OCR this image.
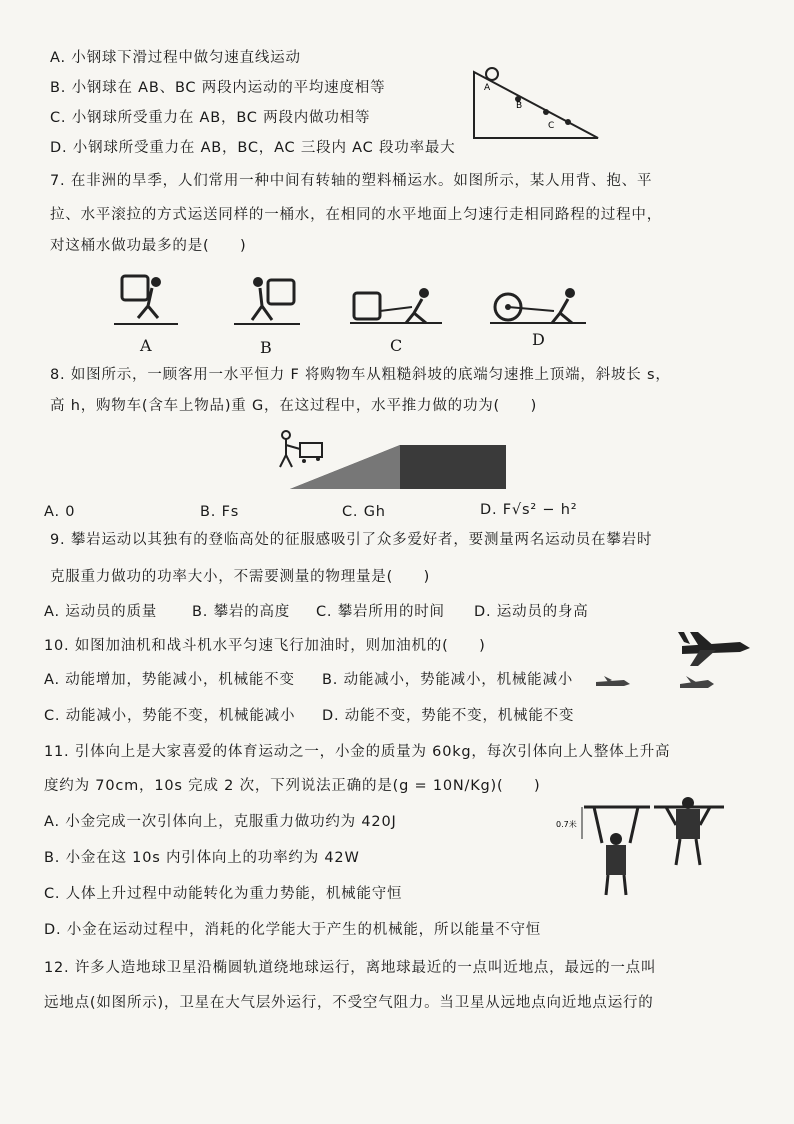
A. 小钢球下滑过程中做匀速直线运动
B. 小钢球在 AB、BC 两段内运动的平均速度相等
C. 小钢球所受重力在 AB，BC 两段内做功相等
D. 小钢球所受重力在 AB，BC，AC 三段内 AC 段功率最大
A
B
C
7. 在非洲的旱季，人们常用一种中间有转轴的塑料桶运水。如图所示，某人用背、抱、平
拉、水平滚拉的方式运送同样的一桶水，在相同的水平地面上匀速行走相同路程的过程中，
对这桶水做功最多的是(　　)
A	B	C	D
8. 如图所示，一顾客用一水平恒力 F 将购物车从粗糙斜坡的底端匀速推上顶端，斜坡长 s，
高 h，购物车(含车上物品)重 G，在这过程中，水平推力做的功为(　　)
A. 0	B. Fs	C. Gh	D. F√s² − h²
9. 攀岩运动以其独有的登临高处的征服感吸引了众多爱好者，要测量两名运动员在攀岩时
克服重力做功的功率大小，不需要测量的物理量是(　　)
A. 运动员的质量 B. 攀岩的高度 C. 攀岩所用的时间 D. 运动员的身高
10. 如图加油机和战斗机水平匀速飞行加油时，则加油机的(　　)
A. 动能增加，势能减小，机械能不变 B. 动能减小，势能减小，机械能减小
C. 动能减小，势能不变，机械能减小 D. 动能不变，势能不变，机械能不变
11. 引体向上是大家喜爱的体育运动之一，小金的质量为 60kg，每次引体向上人整体上升高
度约为 70cm，10s 完成 2 次，下列说法正确的是(g = 10N/Kg)(　　)
A. 小金完成一次引体向上，克服重力做功约为 420J
B. 小金在这 10s 内引体向上的功率约为 42W
C. 人体上升过程中动能转化为重力势能，机械能守恒
D. 小金在运动过程中，消耗的化学能大于产生的机械能，所以能量不守恒
0.7米
12. 许多人造地球卫星沿椭圆轨道绕地球运行，离地球最近的一点叫近地点，最远的一点叫
远地点(如图所示)，卫星在大气层外运行，不受空气阻力。当卫星从远地点向近地点运行的
